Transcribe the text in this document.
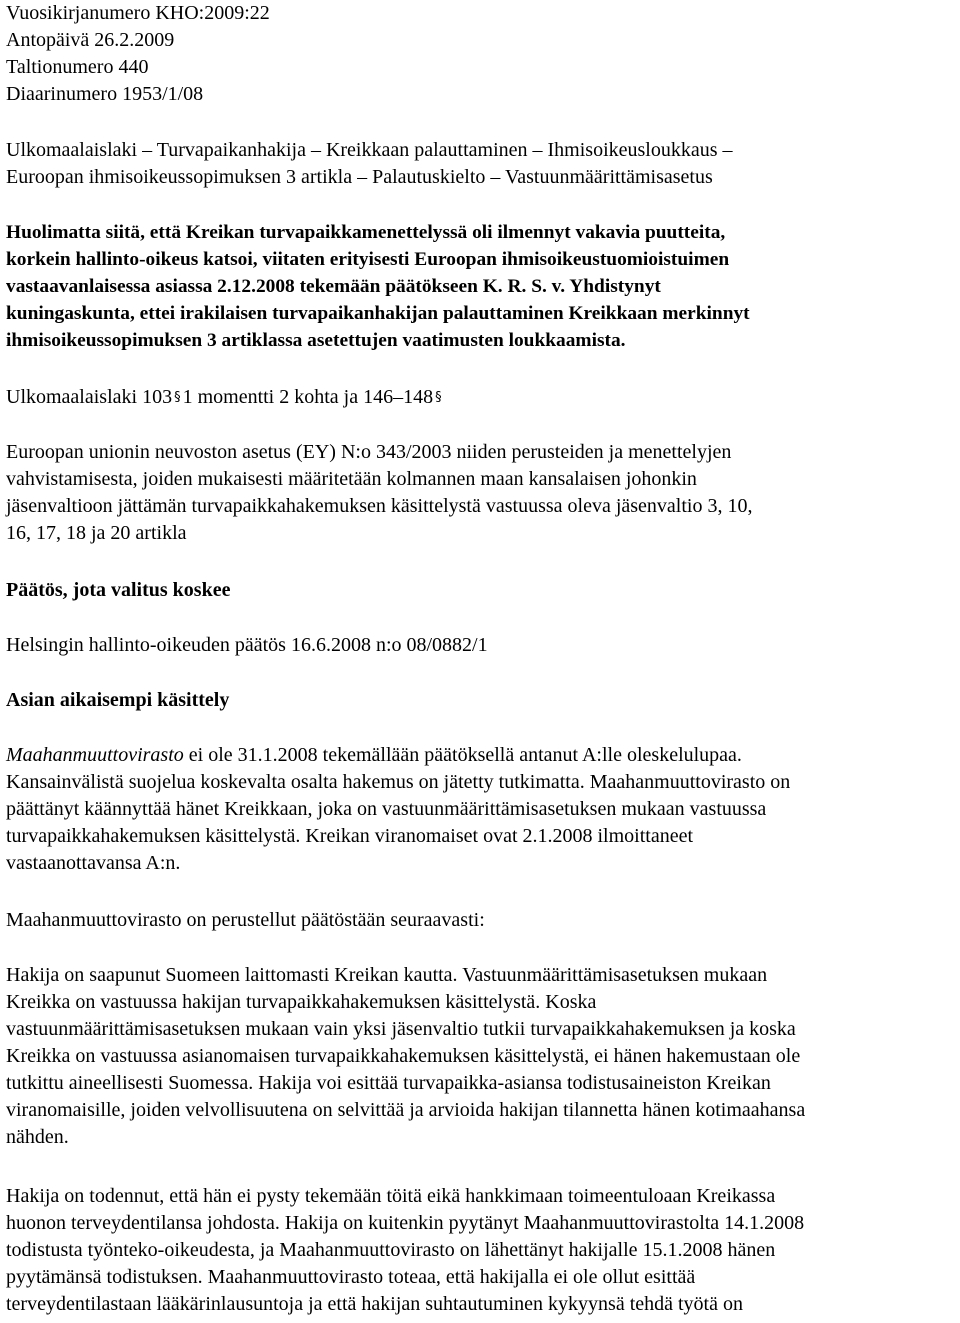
Vuosikirjanumero KHO:2009:22
Antopäivä 26.2.2009
Taltionumero 440
Diaarinumero 1953/1/08
Ulkomaalaislaki – Turvapaikanhakija – Kreikkaan palauttaminen – Ihmisoikeusloukkaus –
Euroopan ihmisoikeussopimuksen 3 artikla – Palautuskielto – Vastuunmäärittämisasetus
Huolimatta siitä, että Kreikan turvapaikkamenettelyssä oli ilmennyt vakavia puutteita,
korkein hallinto-oikeus katsoi, viitaten erityisesti Euroopan ihmisoikeustuomioistuimen
vastaavanlaisessa asiassa 2.12.2008 tekemään päätökseen K. R. S. v. Yhdistynyt
kuningaskunta, ettei irakilaisen turvapaikanhakijan palauttaminen Kreikkaan merkinnyt
ihmisoikeussopimuksen 3 artiklassa asetettujen vaatimusten loukkaamista.
Ulkomaalaislaki 103 § 1 momentti 2 kohta ja 146–148 §
Euroopan unionin neuvoston asetus (EY) N:o 343/2003 niiden perusteiden ja menettelyjen
vahvistamisesta, joiden mukaisesti määritetään kolmannen maan kansalaisen johonkin
jäsenvaltioon jättämän turvapaikkahakemuksen käsittelystä vastuussa oleva jäsenvaltio 3, 10,
16, 17, 18 ja 20 artikla
Päätös, jota valitus koskee
Helsingin hallinto-oikeuden päätös 16.6.2008 n:o 08/0882/1
Asian aikaisempi käsittely
Maahanmuuttovirasto ei ole 31.1.2008 tekemällään päätöksellä antanut A:lle oleskelulupaa.
Kansainvälistä suojelua koskevalta osalta hakemus on jätetty tutkimatta. Maahanmuuttovirasto on
päättänyt käännyttää hänet Kreikkaan, joka on vastuunmäärittämisasetuksen mukaan vastuussa
turvapaikkahakemuksen käsittelystä. Kreikan viranomaiset ovat 2.1.2008 ilmoittaneet
vastaanottavansa A:n.
Maahanmuuttovirasto on perustellut päätöstään seuraavasti:
Hakija on saapunut Suomeen laittomasti Kreikan kautta. Vastuunmäärittämisasetuksen mukaan
Kreikka on vastuussa hakijan turvapaikkahakemuksen käsittelystä. Koska
vastuunmäärittämisasetuksen mukaan vain yksi jäsenvaltio tutkii turvapaikkahakemuksen ja koska
Kreikka on vastuussa asianomaisen turvapaikkahakemuksen käsittelystä, ei hänen hakemustaan ole
tutkittu aineellisesti Suomessa. Hakija voi esittää turvapaikka-asiansa todistusaineiston Kreikan
viranomaisille, joiden velvollisuutena on selvittää ja arvioida hakijan tilannetta hänen kotimaahansa
nähden.
Hakija on todennut, että hän ei pysty tekemään töitä eikä hankkimaan toimeentuloaan Kreikassa
huonon terveydentilansa johdosta. Hakija on kuitenkin pyytänyt Maahanmuuttovirastolta 14.1.2008
todistusta työnteko-oikeudesta, ja Maahanmuuttovirasto on lähettänyt hakijalle 15.1.2008 hänen
pyytämänsä todistuksen. Maahanmuuttovirasto toteaa, että hakijalla ei ole ollut esittää
terveydentilastaan lääkärinlausuntoja ja että hakijan suhtautuminen kykyynsä tehdä työtä on
